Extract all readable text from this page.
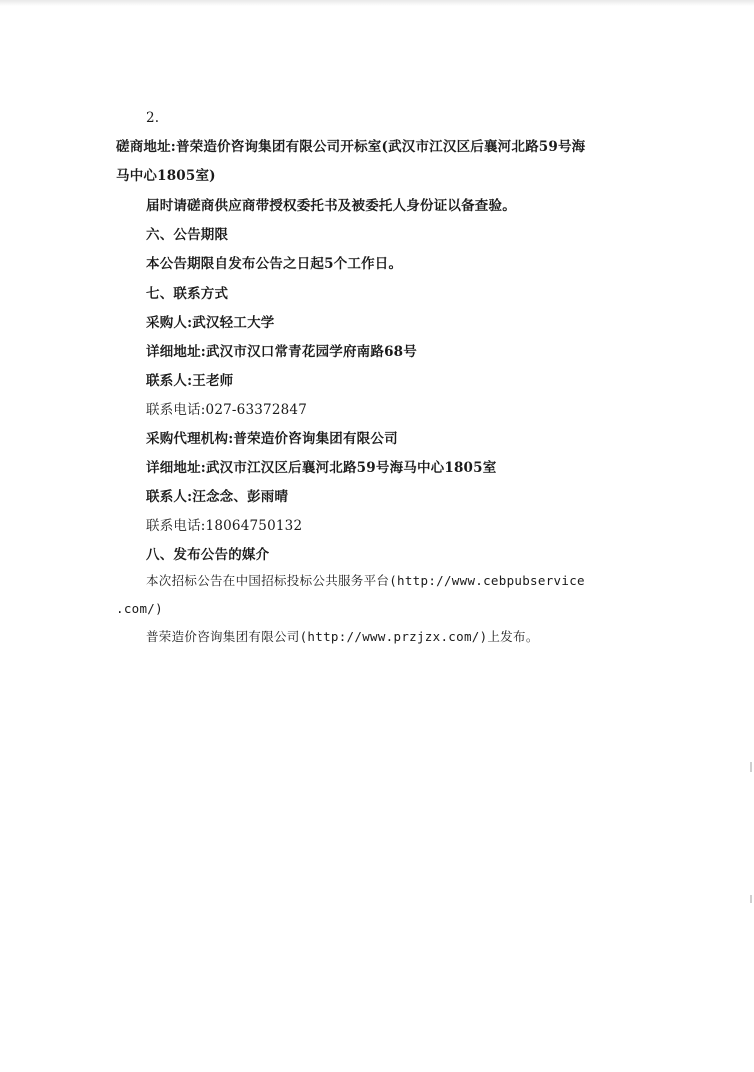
2.
磋商地址:普荣造价咨询集团有限公司开标室(武汉市江汉区后襄河北路59号海
马中心1805室)
届时请磋商供应商带授权委托书及被委托人身份证以备查验。
六、公告期限
本公告期限自发布公告之日起5个工作日。
七、联系方式
采购人:武汉轻工大学
详细地址:武汉市汉口常青花园学府南路68号
联系人:王老师
联系电话:027-63372847
采购代理机构:普荣造价咨询集团有限公司
详细地址:武汉市江汉区后襄河北路59号海马中心1805室
联系人:汪念念、彭雨晴
联系电话:18064750132
八、发布公告的媒介
本次招标公告在中国招标投标公共服务平台(http://www.cebpubservice
.com/)
普荣造价咨询集团有限公司(http://www.przjzx.com/)上发布。
